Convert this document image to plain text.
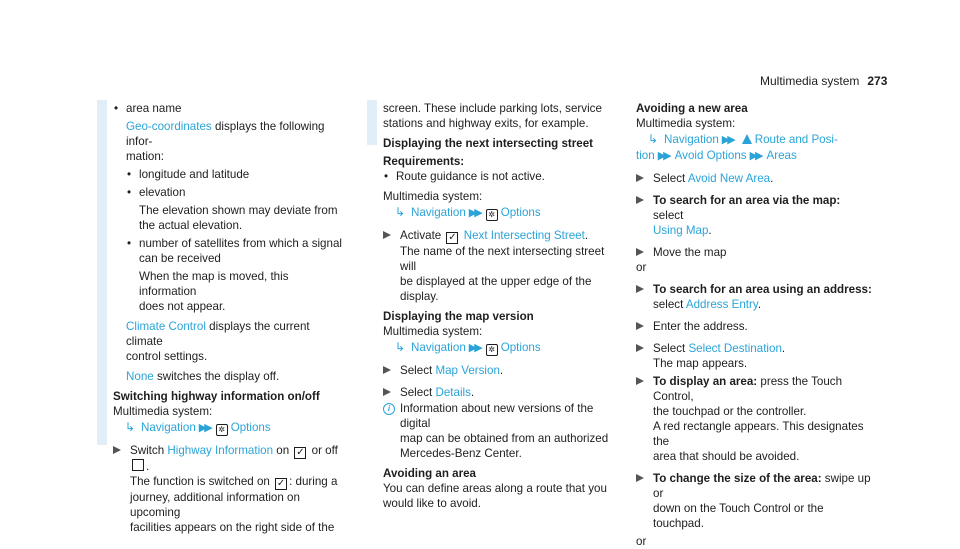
Multimedia system 273

• area name

Geo-coordinates displays the following infor-

mation:

• longitude and latitude

• elevation

The elevation shown may deviate from

the actual elevation.

• number of satellites from which a signal

can be received

When the map is moved, this information

does not appear.

Climate Control displays the current climate

control settings.

None switches the display off.

Switching highway information on/off

Multimedia system:

↳ Navigation ▶▶ ✲ Options

Switch Highway Information on ✓ or off .

The function is switched on ✓ : during a

journey, additional information on upcoming

facilities appears on the right side of the

screen. These include parking lots, service

stations and highway exits, for example.

Displaying the next intersecting street

Requirements:

• Route guidance is not active.

Multimedia system:

↳ Navigation ▶▶ ✲ Options

Activate ✓ Next Intersecting Street.

The name of the next intersecting street will

be displayed at the upper edge of the display.

Displaying the map version

Multimedia system:

↳ Navigation ▶▶ ✲ Options

Select Map Version.

Select Details.

i Information about new versions of the digital

map can be obtained from an authorized

Mercedes-Benz Center.

Avoiding an area

You can define areas along a route that you

would like to avoid.

Avoiding a new area

Multimedia system:

↳ Navigation ▶▶ Route and Posi-

tion ▶▶ Avoid Options ▶▶ Areas

Select Avoid New Area.

To search for an area via the map: select

Using Map.

Move the map

or

To search for an area using an address:

select Address Entry.

Enter the address.

Select Select Destination.

The map appears.

To display an area: press the Touch Control,

the touchpad or the controller.

A red rectangle appears. This designates the

area that should be avoided.

To change the size of the area: swipe up or

down on the Touch Control or the touchpad.

or
